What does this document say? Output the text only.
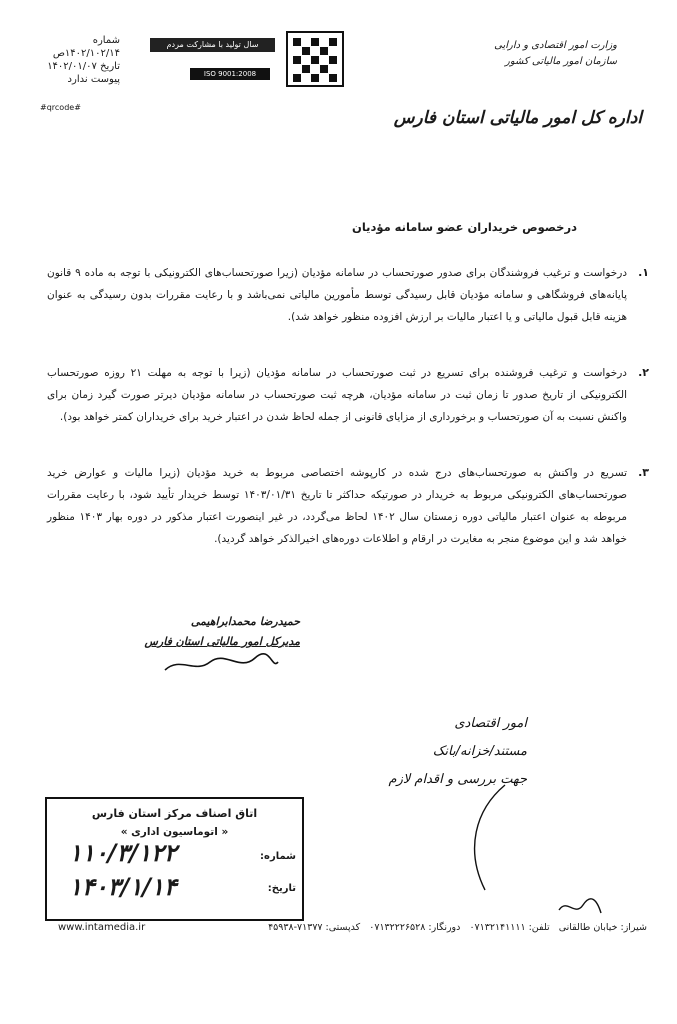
شماره ۱۴۰۲/۱۰۲/۱۴ص
تاریخ ۱۴۰۲/۰۱/۰۷
پیوست ندارد
#qrcode#
سال تولید با مشارکت مردم
ISO 9001:2008
وزارت امور اقتصادی و دارایی
سازمان امور مالیاتی کشور
اداره کل امور مالیاتی استان فارس
درخصوص خریداران عضو سامانه مؤدیان
۱.
درخواست و ترغیب فروشندگان برای صدور صورتحساب در سامانه مؤدیان (زیرا صورتحساب‌های الکترونیکی با توجه به ماده ۹ قانون پایانه‌های فروشگاهی و سامانه مؤدیان قابل رسیدگی توسط مأمورین مالیاتی نمی‌باشد و با رعایت مقررات بدون رسیدگی به عنوان هزینه قابل قبول مالیاتی و یا اعتبار مالیات بر ارزش افزوده منظور خواهد شد).
۲.
درخواست و ترغیب فروشنده برای تسریع در ثبت صورتحساب در سامانه مؤدیان (زیرا با توجه به مهلت ۲۱ روزه صورتحساب الکترونیکی از تاریخ صدور تا زمان ثبت در سامانه مؤدیان، هرچه ثبت صورتحساب در سامانه مؤدیان دیرتر صورت گیرد زمان برای واکنش نسبت به آن صورتحساب و برخورداری از مزایای قانونی از جمله لحاظ شدن در اعتبار خرید برای خریداران کمتر خواهد بود).
۳.
تسریع در واکنش به صورتحساب‌های درج شده در کارپوشه اختصاصی مربوط به خرید مؤدیان (زیرا مالیات و عوارض خرید صورتحساب‌های الکترونیکی مربوط به خریدار در صورتیکه حداکثر تا تاریخ ۱۴۰۳/۰۱/۳۱ توسط خریدار تأیید شود، با رعایت مقررات مربوطه به عنوان اعتبار مالیاتی دوره زمستان سال ۱۴۰۲ لحاظ می‌گردد، در غیر اینصورت اعتبار مذکور در دوره بهار ۱۴۰۳ منظور خواهد شد و این موضوع منجر به مغایرت در ارقام و اطلاعات دوره‌های اخیرالذکر خواهد گردید).
حمیدرضا محمدابراهیمی
مدیرکل امور مالیاتی استان فارس
امور اقتصادی
مستند/خزانه/بانک
جهت بررسی و اقدام لازم
اتاق اصناف مرکز استان فارس
« اتوماسیون اداری »
شماره:
۱۱۰/۳/۱۲۲
تاریخ:
۱۴۰۳/۱/۱۴
www.intamedia.ir	شیراز: خیابان طالقانی   تلفن: ۰۷۱۳۲۱۴۱۱۱۱   دورنگار: ۰۷۱۳۲۲۲۶۵۲۸   کدپستی: ۷۱۳۷۷-۴۵۹۳۸
